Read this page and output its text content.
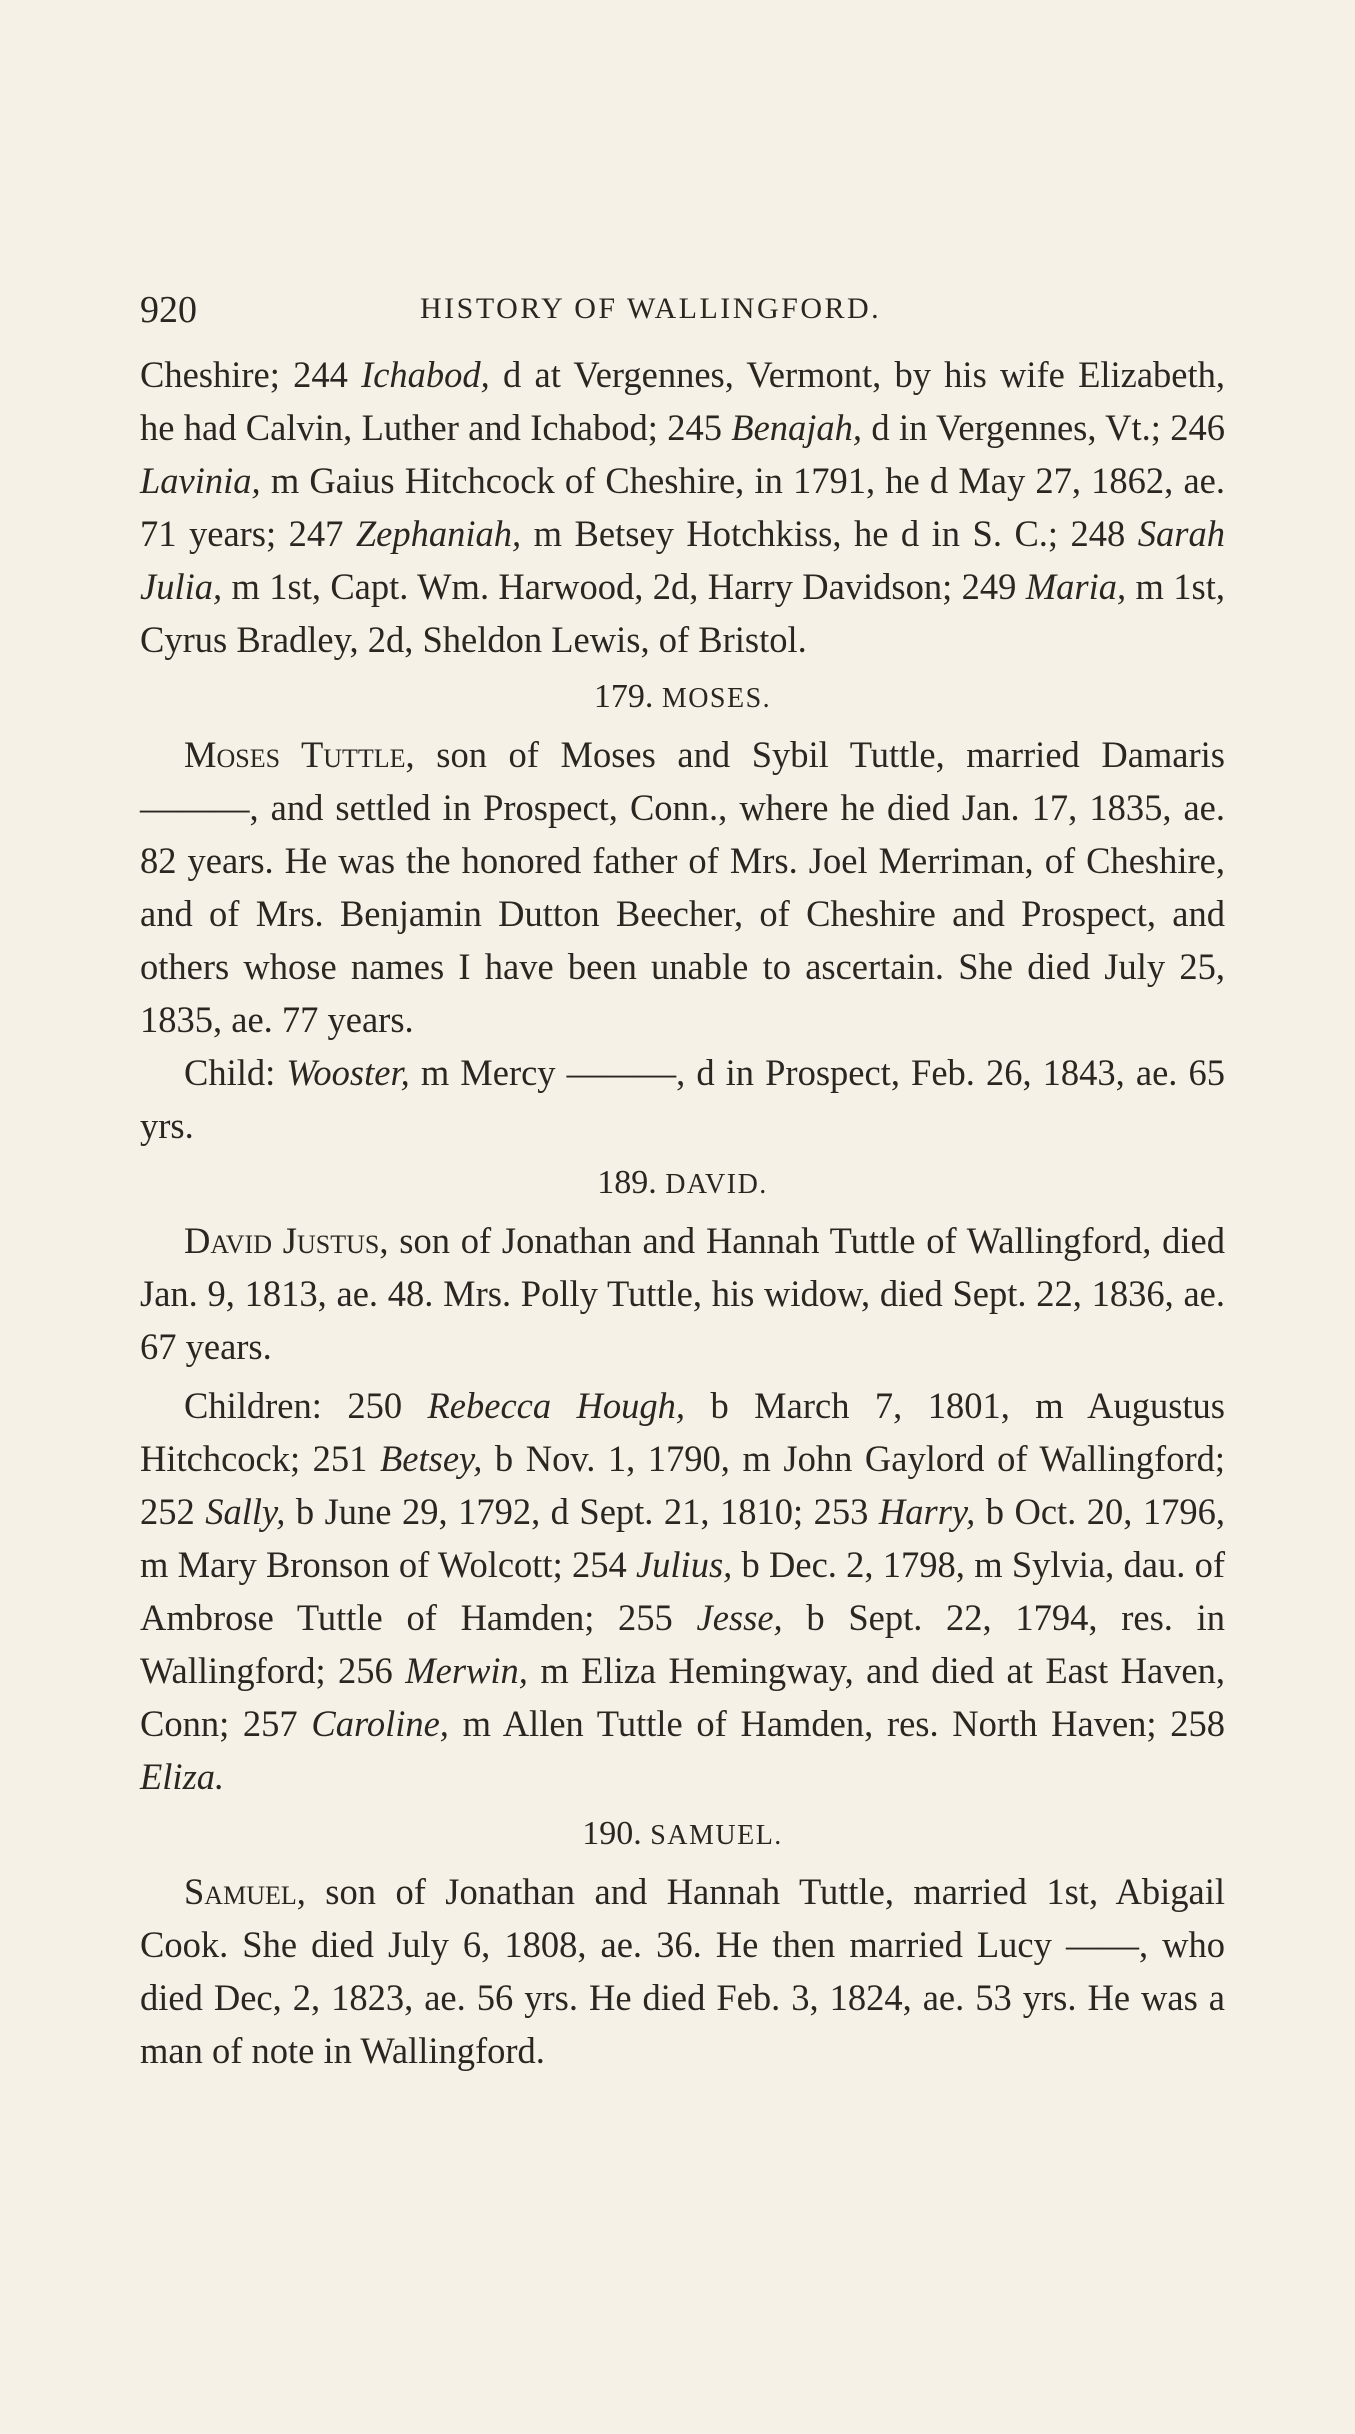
920	HISTORY OF WALLINGFORD.

Cheshire; 244 Ichabod, d at Vergennes, Vermont, by his wife Elizabeth, he had Calvin, Luther and Ichabod; 245 Benajah, d in Vergennes, Vt.; 246 Lavinia, m Gaius Hitchcock of Cheshire, in 1791, he d May 27, 1862, ae. 71 years; 247 Zephaniah, m Betsey Hotchkiss, he d in S. C.; 248 Sarah Julia, m 1st, Capt. Wm. Harwood, 2d, Harry Davidson; 249 Maria, m 1st, Cyrus Bradley, 2d, Sheldon Lewis, of Bristol.

179. MOSES.

Moses Tuttle, son of Moses and Sybil Tuttle, married Damaris ———, and settled in Prospect, Conn., where he died Jan. 17, 1835, ae. 82 years. He was the honored father of Mrs. Joel Merriman, of Cheshire, and of Mrs. Benjamin Dutton Beecher, of Cheshire and Prospect, and others whose names I have been unable to ascertain. She died July 25, 1835, ae. 77 years.

Child: Wooster, m Mercy ———, d in Prospect, Feb. 26, 1843, ae. 65 yrs.

189. DAVID.

David Justus, son of Jonathan and Hannah Tuttle of Wallingford, died Jan. 9, 1813, ae. 48. Mrs. Polly Tuttle, his widow, died Sept. 22, 1836, ae. 67 years.

Children: 250 Rebecca Hough, b March 7, 1801, m Augustus Hitchcock; 251 Betsey, b Nov. 1, 1790, m John Gaylord of Wallingford; 252 Sally, b June 29, 1792, d Sept. 21, 1810; 253 Harry, b Oct. 20, 1796, m Mary Bronson of Wolcott; 254 Julius, b Dec. 2, 1798, m Sylvia, dau. of Ambrose Tuttle of Hamden; 255 Jesse, b Sept. 22, 1794, res. in Wallingford; 256 Merwin, m Eliza Hemingway, and died at East Haven, Conn; 257 Caroline, m Allen Tuttle of Hamden, res. North Haven; 258 Eliza.

190. SAMUEL.

Samuel, son of Jonathan and Hannah Tuttle, married 1st, Abigail Cook. She died July 6, 1808, ae. 36. He then married Lucy ——, who died Dec, 2, 1823, ae. 56 yrs. He died Feb. 3, 1824, ae. 53 yrs. He was a man of note in Wallingford.
